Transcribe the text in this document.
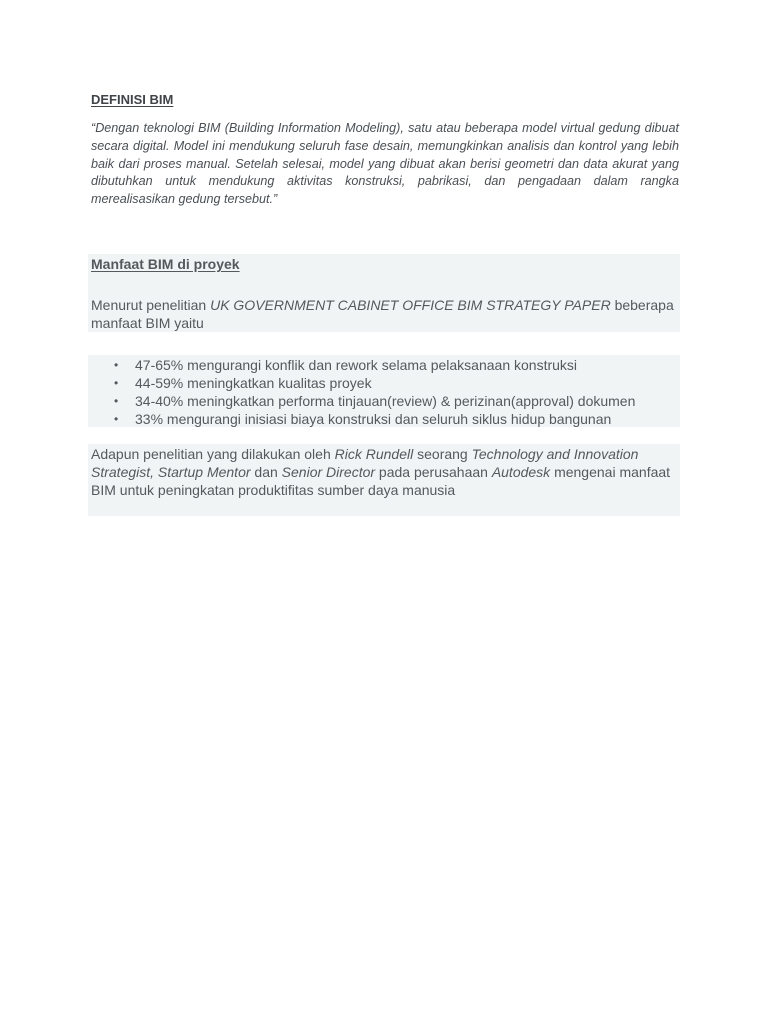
DEFINISI BIM

“Dengan teknologi BIM (Building Information Modeling), satu atau beberapa model virtual gedung dibuat secara digital. Model ini mendukung seluruh fase desain, memungkinkan analisis dan kontrol yang lebih baik dari proses manual. Setelah selesai, model yang dibuat akan berisi geometri dan data akurat yang dibutuhkan untuk mendukung aktivitas konstruksi, pabrikasi, dan pengadaan dalam rangka merealisasikan gedung tersebut.”

Manfaat BIM di proyek

Menurut penelitian UK GOVERNMENT CABINET OFFICE BIM STRATEGY PAPER beberapa manfaat BIM yaitu

• 47-65% mengurangi konflik dan rework selama pelaksanaan konstruksi
• 44-59% meningkatkan kualitas proyek
• 34-40% meningkatkan performa tinjauan(review) & perizinan(approval) dokumen
• 33% mengurangi inisiasi biaya konstruksi dan seluruh siklus hidup bangunan

Adapun penelitian yang dilakukan oleh Rick Rundell seorang Technology and Innovation Strategist, Startup Mentor dan Senior Director pada perusahaan Autodesk mengenai manfaat BIM untuk peningkatan produktifitas sumber daya manusia
